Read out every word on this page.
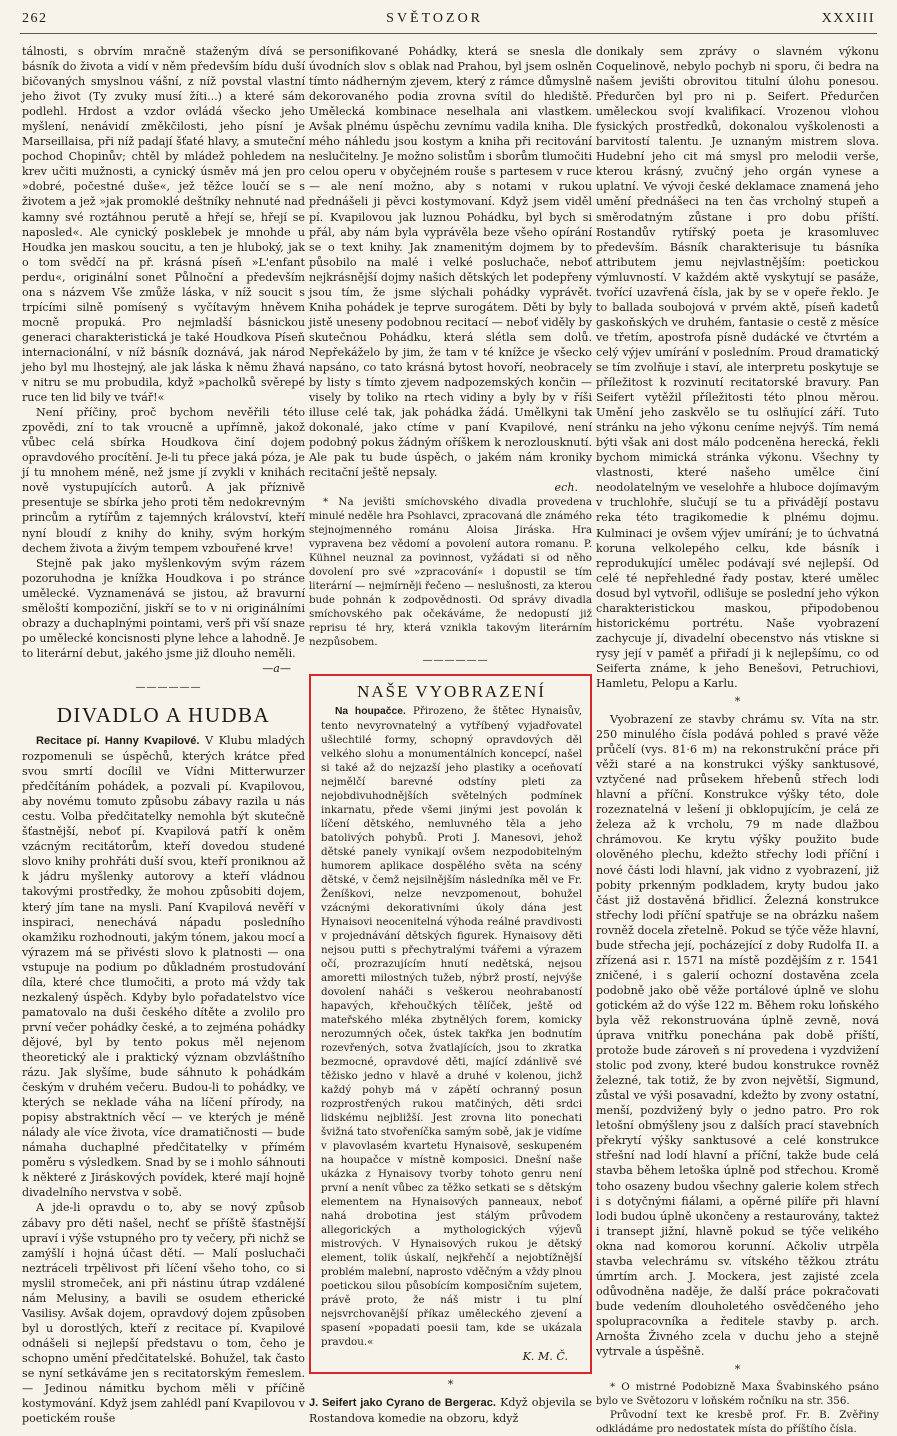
262	SVĚTOZOR	XXXIII

tálnosti, s obrvím mračně staženým dívá se básník do života a vidí v něm především bídu duší bičovaných smyslnou vášní, z níž povstal vlastní jeho život (Ty zvuky musí žíti...) a které sám podlehl. Hrdost a vzdor ovládá všecko jeho myšlení, nenávidí změkčilosti, jeho písní je Marseillaisa, při níž padají šťaté hlavy, a smuteční pochod Chopinův; chtěl by mládež pohledem na krev učiti mužnosti, a cynický úsměv má jen pro »dobré, počestné duše«, jež těžce loučí se s životem a jež »jak promoklé deštníky nehnuté nad kamny své roztáhnou perutě a hřejí se, hřejí se naposled«. Ale cynický posklebek je mnohde u Houdka jen maskou soucitu, a ten je hluboký, jak o tom svědčí na př. krásná píseň »L'enfant perdu«, originální sonet Půlnoční a především ona s názvem Vše zmůže láska, v níž soucit s trpícími silně pomísený s vyčítavým hněvem mocně propuká. Pro nejmladší básnickou generaci charakteristická je také Houdkova Píseň internacionální, v níž básník doznává, jak národ jeho byl mu lhostejný, ale jak láska k němu žhavá v nitru se mu probudila, když »pacholků svěrepé ruce ten lid bily ve tvář!«

Není příčiny, proč bychom nevěřili této zpovědi, zní to tak vroucně a upřímně, jakož vůbec celá sbírka Houdkova činí dojem opravdového procítění. Je-li tu přece jaká póza, je jí tu mnohem méně, než jsme jí zvykli v knihách nově vystupujících autorů. A jak příznivě presentuje se sbírka jeho proti těm nedokrevným princům a rytířům z tajemných království, kteří nyní bloudí z knihy do knihy, svým horkým dechem života a živým tempem vzbouřené krve!

Stejně pak jako myšlenkovým svým rázem pozoruhodna je knížka Houdkova i po stránce umělecké. Vyznamenává se jistou, až bravurní směloští kompoziční, jiskří se to v ni originálními obrazy a duchaplnými pointami, verš při vší snaze po umělecké koncisnosti plyne lehce a lahodně. Je to literární debut, jakého jsme již dlouho neměli.

—a—
——————
DIVADLO A HUDBA

Recitace pí. Hanny Kvapilové. V Klubu mladých rozpomenuli se úspěchů, kterých krátce před svou smrtí docílil ve Vídni Mitterwurzer předčítáním pohádek, a pozvali pí. Kvapilovou, aby novému tomuto způsobu zábavy razila u nás cestu. Volba předčitatelky nemohla být skutečně šťastnější, neboť pí. Kvapilová patří k oněm vzácným recitátorům, kteří dovedou studené slovo knihy prohřáti duší svou, kteří proniknou až k jádru myšlenky autorovy a kteří vládnou takovými prostředky, že mohou způsobiti dojem, který jím tane na mysli. Paní Kvapilová nevěří v inspiraci, nenechává nápadu posledního okamžiku rozhodnouti, jakým tónem, jakou mocí a výrazem má se přivésti slovo k platnosti — ona vstupuje na podium po důkladném prostudování díla, které chce tlumočiti, a proto má vždy tak nezkalený úspěch. Kdyby bylo pořadatelstvo více pamatovalo na duši českého dítěte a zvolilo pro první večer pohádky české, a to zejména pohádky dějové, byl by tento pokus měl nejenom theoretický ale i praktický význam obzvláštního rázu. Jak slyšíme, bude sáhnuto k pohádkám českým v druhém večeru. Budou-li to pohádky, ve kterých se neklade váha na líčení přírody, na popisy abstraktních věcí — ve kterých je méně nálady ale více života, více dramatičnosti — bude námaha duchaplné předčitatelky v přímém poměru s výsledkem. Snad by se i mohlo sáhnouti k některé z Jiráskových povídek, které mají hojně divadelního nervstva v sobě.

A jde-li opravdu o to, aby se nový způsob zábavy pro děti našel, nechť se příště šťastnější upraví i výše vstupného pro ty večery, při nichž se zamýšlí i hojná účast dětí. — Malí posluchači neztráceli trpělivost při líčení všeho toho, co si myslil stromeček, ani při nástinu útrap vzdálené nám Melusiny, a bavili se osudem etherické Vasilisy. Avšak dojem, opravdový dojem způsoben byl u dorostlých, kteří z recitace pí. Kvapilové odnášeli si nejlepší představu o tom, čeho je schopno umění předčitatelské. Bohužel, tak často se nyní setkáváme jen s recitatorským řemeslem. — Jedinou námitku bychom měli v příčině kostymování. Když jsem zahlédl paní Kvapilovou v poetickém rouše

personifikované Pohádky, která se snesla dle úvodních slov s oblak nad Prahou, byl jsem oslněn tímto nádherným zjevem, který z rámce důmyslně dekorovaného podia zrovna svítil do hlediště. Umělecká kombinace neselhala ani vlastkem. Avšak plnému úspěchu zevnímu vadila kniha. Dle mého náhledu jsou kostym a kniha při recitování neslučitelny. Je možno solistům i sborům tlumočiti celou operu v obyčejném rouše s partesem v ruce — ale není možno, aby s notami v rukou přednášeli ji pěvci kostymovaní. Když jsem viděl pí. Kvapilovou jak luznou Pohádku, byl bych si přál, aby nám byla vyprávěla beze všeho opírání se o text knihy. Jak znamenitým dojmem by to působilo na malé i velké posluchače, neboť nejkrásnější dojmy našich dětských let podepřeny jsou tím, že jsme slýchali pohádky vyprávět. Kniha pohádek je teprve surogátem. Děti by byly jistě uneseny podobnou recitací — neboť viděly by skutečnou Pohádku, která slétla sem dolů. Nepřekáželo by jim, že tam v té knížce je všecko napsáno, co tato krásná bytost hovoří, neobracely by listy s tímto zjevem nadpozemských končin — visely by toliko na rtech vidiny a byly by v říši illuse celé tak, jak pohádka žádá. Umělkyni tak dokonalé, jako ctíme v paní Kvapilové, není podobný pokus žádným oříškem k nerozlousknutí. Ale pak tu bude úspěch, o jakém nám kroniky recitační ještě nepsaly.

ech.

* Na jevišti smíchovského divadla provedena minulé neděle hra Psohlavci, zpracovaná dle známého stejnojmenného románu Aloisa Jiráska. Hra vypravena bez vědomí a povolení autora romanu. P. Kühnel neuznal za povinnost, vyžádati si od něho dovolení pro své »zpracování« i dopustil se tím literární — nejmírněji řečeno — neslušnosti, za kterou bude pohnán k zodpovědnosti. Od správy divadla smíchovského pak očekáváme, že nedopustí již reprisu té hry, která vznikla takovým literárním nezpůsobem.

——————
NAŠE VYOBRAZENÍ

Na houpačce. Přirozeno, že štětec Hynaisův, tento nevyrovnatelný a vytříbený vyjadřovatel ušlechtilé formy, schopný opravdových děl velkého slohu a monumentálních koncepcí, našel si také až do nejzazší jeho plastiky a oceňovatí nejmělčí barevné odstíny pleti za nejobdivuhodnějších světelných podmínek inkarnatu, přede všemi jinými jest povolán k líčení dětského, nemluvného těla a jeho batolivých pohybů. Proti J. Manesovi, jehož dětské panely vynikají ovšem nezpodobitelným humorem aplikace dospělého světa na scény dětské, v čemž nejsilnějším následníka měl ve Fr. Ženíškovi, nelze nevzpomenout, bohužel vzácnými dekorativními úkoly dána jest Hynaisovi neocenitelná výhoda reálné pravdivosti v projednávání dětských figurek. Hynaisovy děti nejsou putti s přechytralými tvářemi a výrazem očí, prozrazujícím hnutí nedětská, nejsou amoretti milostných tužeb, nýbrž prostí, nejvýše dovolení naháči s veškerou neohrabaností hapavých, křehoučkých tělíček, ještě od mateřského mléka zbytnělých forem, komicky nerozumných oček, ústek takřka jen bodnutím rozevřených, sotva žvatlajících, jsou to zkratka bezmocné, opravdové děti, mající zdánlivě své těžisko jedno v hlavě a druhé v kolenou, jichž každý pohyb má v zápětí ochranný posun rozprostřených rukou matčiných, děti srdci lidskému nejbližší. Jest zrovna lito ponechati švižná tato stvořeníčka samým sobě, jak je vidíme v plavovlasém kvartetu Hynaisově, seskupeném na houpačce v místně komposici. Dnešní naše ukázka z Hynaisovy tvorby tohoto genru není první a nenít vůbec za těžko setkati se s dětským elementem na Hynaisových panneaux, neboť nahá drobotina jest stálým průvodem allegorických a mythologických výjevů mistrových. V Hynaisových rukou je dětský element, tolik úskalí, nejkřehčí a nejobtížnější problém malební, naprosto vděčným a vždy plnou poetickou silou působícím komposičním sujetem, právě proto, že náš mistr i tu plní nejsvrchovanější příkaz uměleckého zjevení a spasení »popadati poesii tam, kde se ukázala pravdou.«

K. M. Č.
*

J. Seifert jako Cyrano de Bergerac. Když objevila se Rostandova komedie na obzoru, když

donikaly sem zprávy o slavném výkonu Coquelinově, nebylo pochyb ni sporu, či bedra na našem jevišti obrovitou titulní úlohu ponesou. Předurčen byl pro ni p. Seifert. Předurčen uměleckou svojí kvalifikací. Vrozenou vlohou fysických prostředků, dokonalou vyškolenosti a barvitostí talentu. Je uznaným mistrem slova. Hudební jeho cit má smysl pro melodii verše, kterou krásný, zvučný jeho orgán vynese a uplatní. Ve vývoji české deklamace znamená jeho umění přednášeci na ten čas vrcholný stupeň a směrodatným zůstane i pro dobu příští. Rostandův rytířský poeta je krasomluvec především. Básník charakterisuje tu básníka attributem jemu nejvlastnějším: poetickou výmluvností. V každém aktě vyskytují se pasáže, tvořící uzavřená čísla, jak by se v opeře řeklo. Je to ballada soubojová v prvém aktě, píseň kadetů gaskoňských ve druhém, fantasie o cestě z měsíce ve třetím, apostrofa písně dudácké ve čtvrtém a celý výjev umírání v posledním. Proud dramatický se tím zvolňuje i staví, ale interpretu poskytuje se příležitost k rozvinutí recitatorské bravury. Pan Seifert vytěžil příležitosti této plnou měrou. Umění jeho zaskvělo se tu oslňující září. Tuto stránku na jeho výkonu ceníme nejvýš. Tím nemá býti však ani dost málo podceněna herecká, řekli bychom mimická stránka výkonu. Všechny ty vlastnosti, které našeho umělce činí neodolatelným ve veselohře a hluboce dojímavým v truchlohře, slučují se tu a přivádějí postavu reka této tragikomedie k plnému dojmu. Kulminaci je ovšem výjev umírání; je to úchvatná koruna velkolepého celku, kde básník i reprodukující umělec podávají své nejlepší. Od celé té nepřehledné řady postav, které umělec dosud byl vytvořil, odlišuje se poslední jeho výkon charakteristickou maskou, připodobenou historickému portrétu. Naše vyobrazení zachycuje jí, divadelní obecenstvo nás vtiskne si rysy její v paměť a přiřadí ji k nejlepšímu, co od Seiferta známe, k jeho Benešovi, Petruchiovi, Hamletu, Pelopu a Karlu.

*

Vyobrazení ze stavby chrámu sv. Víta na str. 250 minulého čísla podává pohled s pravé věže průčelí (vys. 81·6 m) na rekonstrukční práce při věži staré a na konstrukci výšky sanktusové, vztyčené nad průsekem hřebenů střech lodi hlavní a příční. Konstrukce výšky této, dole rozeznatelná v lešení ji obklopujícím, je celá ze železa až k vrcholu, 79 m nade dlažbou chrámovou. Ke krytu výšky použito bude olověného plechu, kdežto střechy lodi příční i nové části lodi hlavní, jak vidno z vyobrazení, již pobity prkenným podkladem, kryty budou jako část již dostavěná břidlicí. Železná konstrukce střechy lodi příční spatřuje se na obrázku našem rovněž docela zřetelně. Pokud se týče věže hlavní, bude střecha její, pocházející z doby Rudolfa II. a zřízená asi r. 1571 na místě pozdějším z r. 1541 zničené, i s galerií ochozní dostavěna zcela podobně jako obě věže portálové úplně ve slohu gotickém až do výše 122 m. Během roku loňského byla věž rekonstruována úplně zevně, nová úprava vnitřku ponechána pak době příští, protože bude zároveň s ní provedena i vyzdvižení stolic pod zvony, které budou konstrukce rovněž železné, tak totiž, že by zvon největší, Sigmund, zůstal ve výši posavadní, kdežto by zvony ostatní, menší, pozdvižený byly o jedno patro. Pro rok letošní obmýšleny jsou z dalších prací stavebních překrytí výšky sanktusové a celé konstrukce střešní nad lodí hlavní a příční, takže bude celá stavba během letoška úplně pod střechou. Kromě toho osazeny budou všechny galerie kolem střech i s dotyčnými fiálami, a opěrné pilíře při hlavní lodi budou úplně ukončeny a restaurovány, takteż i transept jižní, hlavně pokud se týče velikého okna nad komorou korunní. Ačkoliv utrpěla stavba velechrámu sv. vítského těžkou ztrátu úmrtím arch. J. Mockera, jest zajisté zcela odůvodněna naděje, že další práce pokračovati bude vedením dlouholetého osvědčeného jeho spolupracovníka a ředitele stavby p. arch. Arnošta Živného zcela v duchu jeho a stejně vytrvale a úspěšně.

*

* O mistrné Podobizně Maxa Švabinského psáno bylo ve Světozoru v loňském ročníku na str. 356.

Průvodní text ke kresbě prof. Fr. B. Zvěřiny odkládáme pro nedostatek místa do příštího čísla.
